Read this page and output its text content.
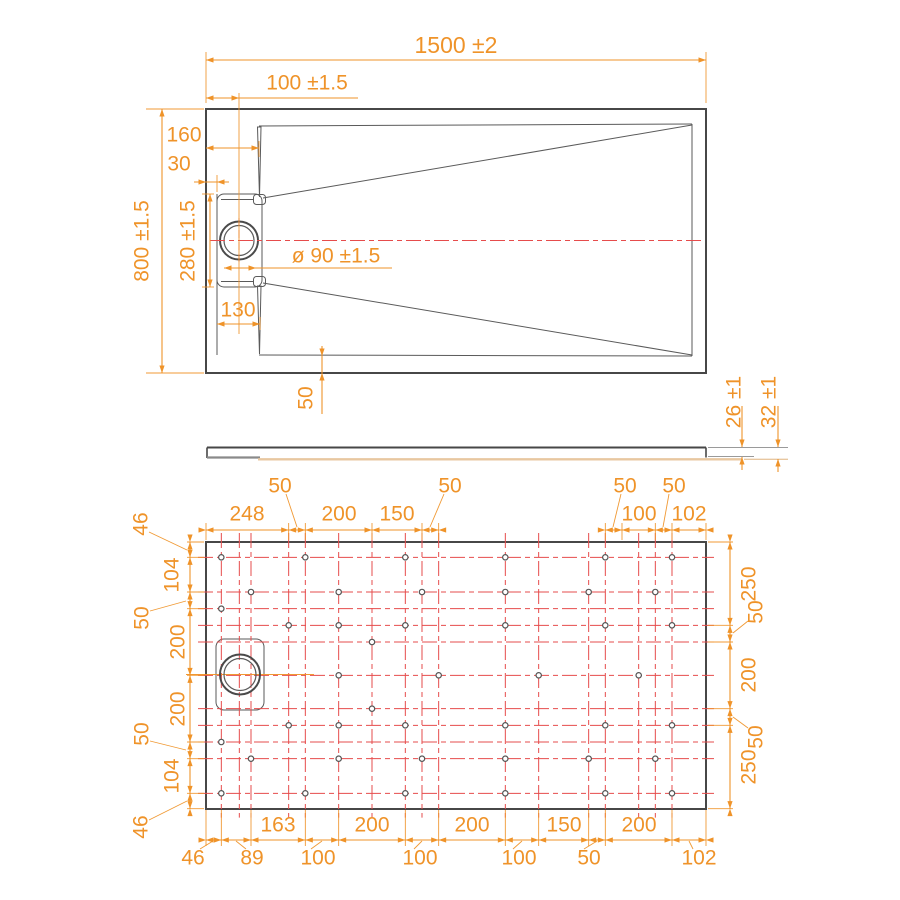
1500 ±2
100 ±1.5
160
30
800 ±1.5 280 ±1.5	ø 90 ±1.5
130
50	26 ±1 32 ±1
50	50	50 50
248	200 150	100 102
46
104
50
200
200
50
104
46
250
50
200
50
250
163	200	200	150 200
46 89 100	100	100 50	102
